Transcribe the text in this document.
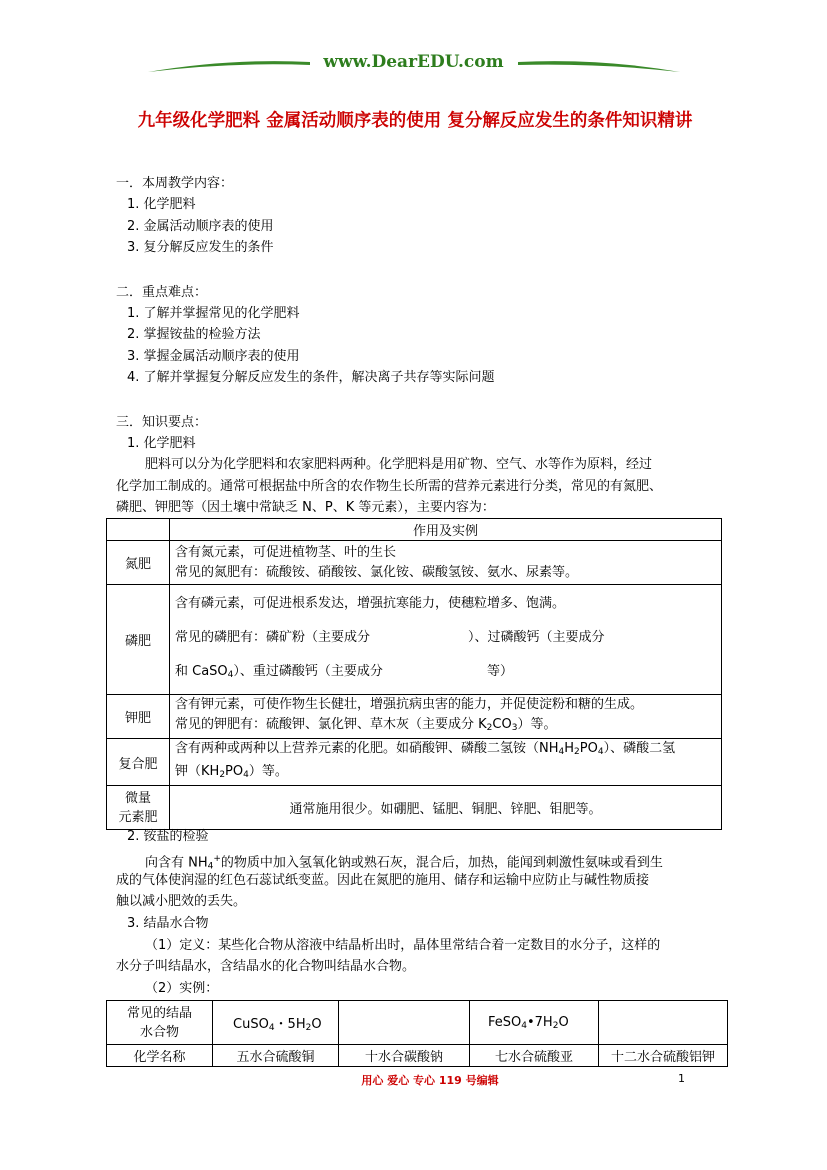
www.DearEDU.com
九年级化学肥料 金属活动顺序表的使用 复分解反应发生的条件知识精讲
一．本周教学内容：
1. 化学肥料
2. 金属活动顺序表的使用
3. 复分解反应发生的条件
二．重点难点：
1. 了解并掌握常见的化学肥料
2. 掌握铵盐的检验方法
3. 掌握金属活动顺序表的使用
4. 了解并掌握复分解反应发生的条件，解决离子共存等实际问题
三．知识要点：
1. 化学肥料
肥料可以分为化学肥料和农家肥料两种。化学肥料是用矿物、空气、水等作为原料，经过
化学加工制成的。通常可根据盐中所含的农作物生长所需的营养元素进行分类，常见的有氮肥、
磷肥、钾肥等（因土壤中常缺乏 N、P、K 等元素），主要内容为：
	作用及实例
氮肥	含有氮元素，可促进植物茎、叶的生长
常见的氮肥有：硫酸铵、硝酸铵、氯化铵、碳酸氢铵、氨水、尿素等。

磷肥	含有磷元素，可促进根系发达，增强抗寒能力，使穗粒增多、饱满。
常见的磷肥有：磷矿粉（主要成分 ）、过磷酸钙（主要成分
和 CaSO$_4$）、重过磷酸钙（主要成分 等）

钾肥	含有钾元素，可使作物生长健壮，增强抗病虫害的能力，并促使淀粉和糖的生成。
常见的钾肥有：硫酸钾、氯化钾、草木灰（主要成分 $K_2CO_3$）等。

复合肥	含有两种或两种以上营养元素的化肥。如硝酸钾、磷酸二氢铵$(NH_4H_2PO_4)$、磷酸二氢
钾$(KH_2PO_4)$等。

微量
元素肥	通常施用很少。如硼肥、锰肥、铜肥、锌肥、钼肥等。
2. 铵盐的检验
向含有 $NH_4^+$的物质中加入氢氧化钠或熟石灰，混合后，加热，能闻到刺激性氨味或看到生
成的气体使润湿的红色石蕊试纸变蓝。因此在氮肥的施用、储存和运输中应防止与碱性物质接
触以减小肥效的丢失。
3. 结晶水合物
（1）定义：某些化合物从溶液中结晶析出时，晶体里常结合着一定数目的水分子，这样的
水分子叫结晶水，含结晶水的化合物叫结晶水合物。
（2）实例：
常见的结晶
水合物	CuSO$_4$・$5H_2O$		$FeSO_4•7H_2O$	
化学名称	五水合硫酸铜	十水合碳酸钠	七水合硫酸亚	十二水合硫酸铝钾
用心 爱心 专心 119 号编辑	1
